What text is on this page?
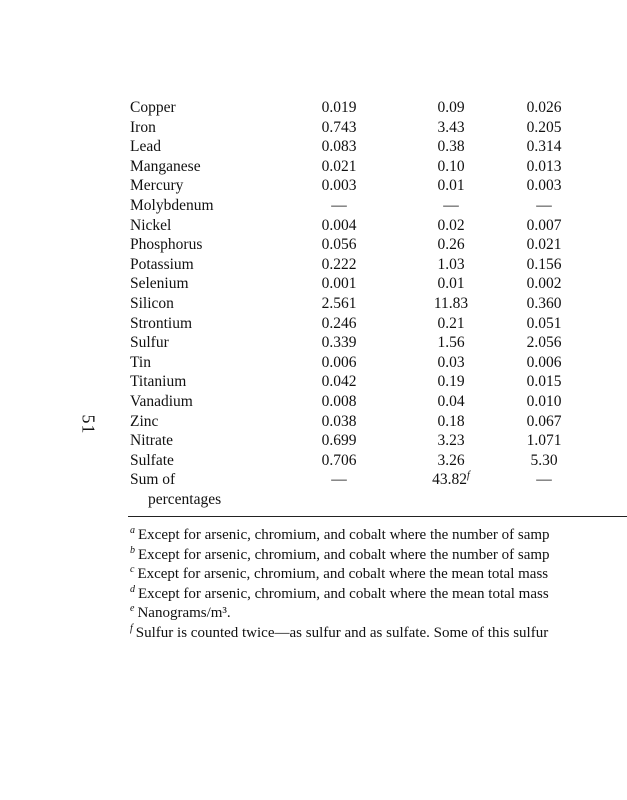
51
Copper	0.019	0.09	0.026
Iron	0.743	3.43	0.205
Lead	0.083	0.38	0.314
Manganese	0.021	0.10	0.013
Mercury	0.003	0.01	0.003
Molybdenum	—	—	—
Nickel	0.004	0.02	0.007
Phosphorus	0.056	0.26	0.021
Potassium	0.222	1.03	0.156
Selenium	0.001	0.01	0.002
Silicon	2.561	11.83	0.360
Strontium	0.246	0.21	0.051
Sulfur	0.339	1.56	2.056
Tin	0.006	0.03	0.006
Titanium	0.042	0.19	0.015
Vanadium	0.008	0.04	0.010
Zinc	0.038	0.18	0.067
Nitrate	0.699	3.23	1.071
Sulfate	0.706	3.26	5.30
Sum of	—	43.82$^f$	—
percentages			
$^a$ Except for arsenic, chromium, and cobalt where the number of samp
$^b$ Except for arsenic, chromium, and cobalt where the number of samp
$^c$ Except for arsenic, chromium, and cobalt where the mean total mass
$^d$ Except for arsenic, chromium, and cobalt where the mean total mass
$^e$ Nanograms/m³.
$^f$ Sulfur is counted twice—as sulfur and as sulfate. Some of this sulfur
